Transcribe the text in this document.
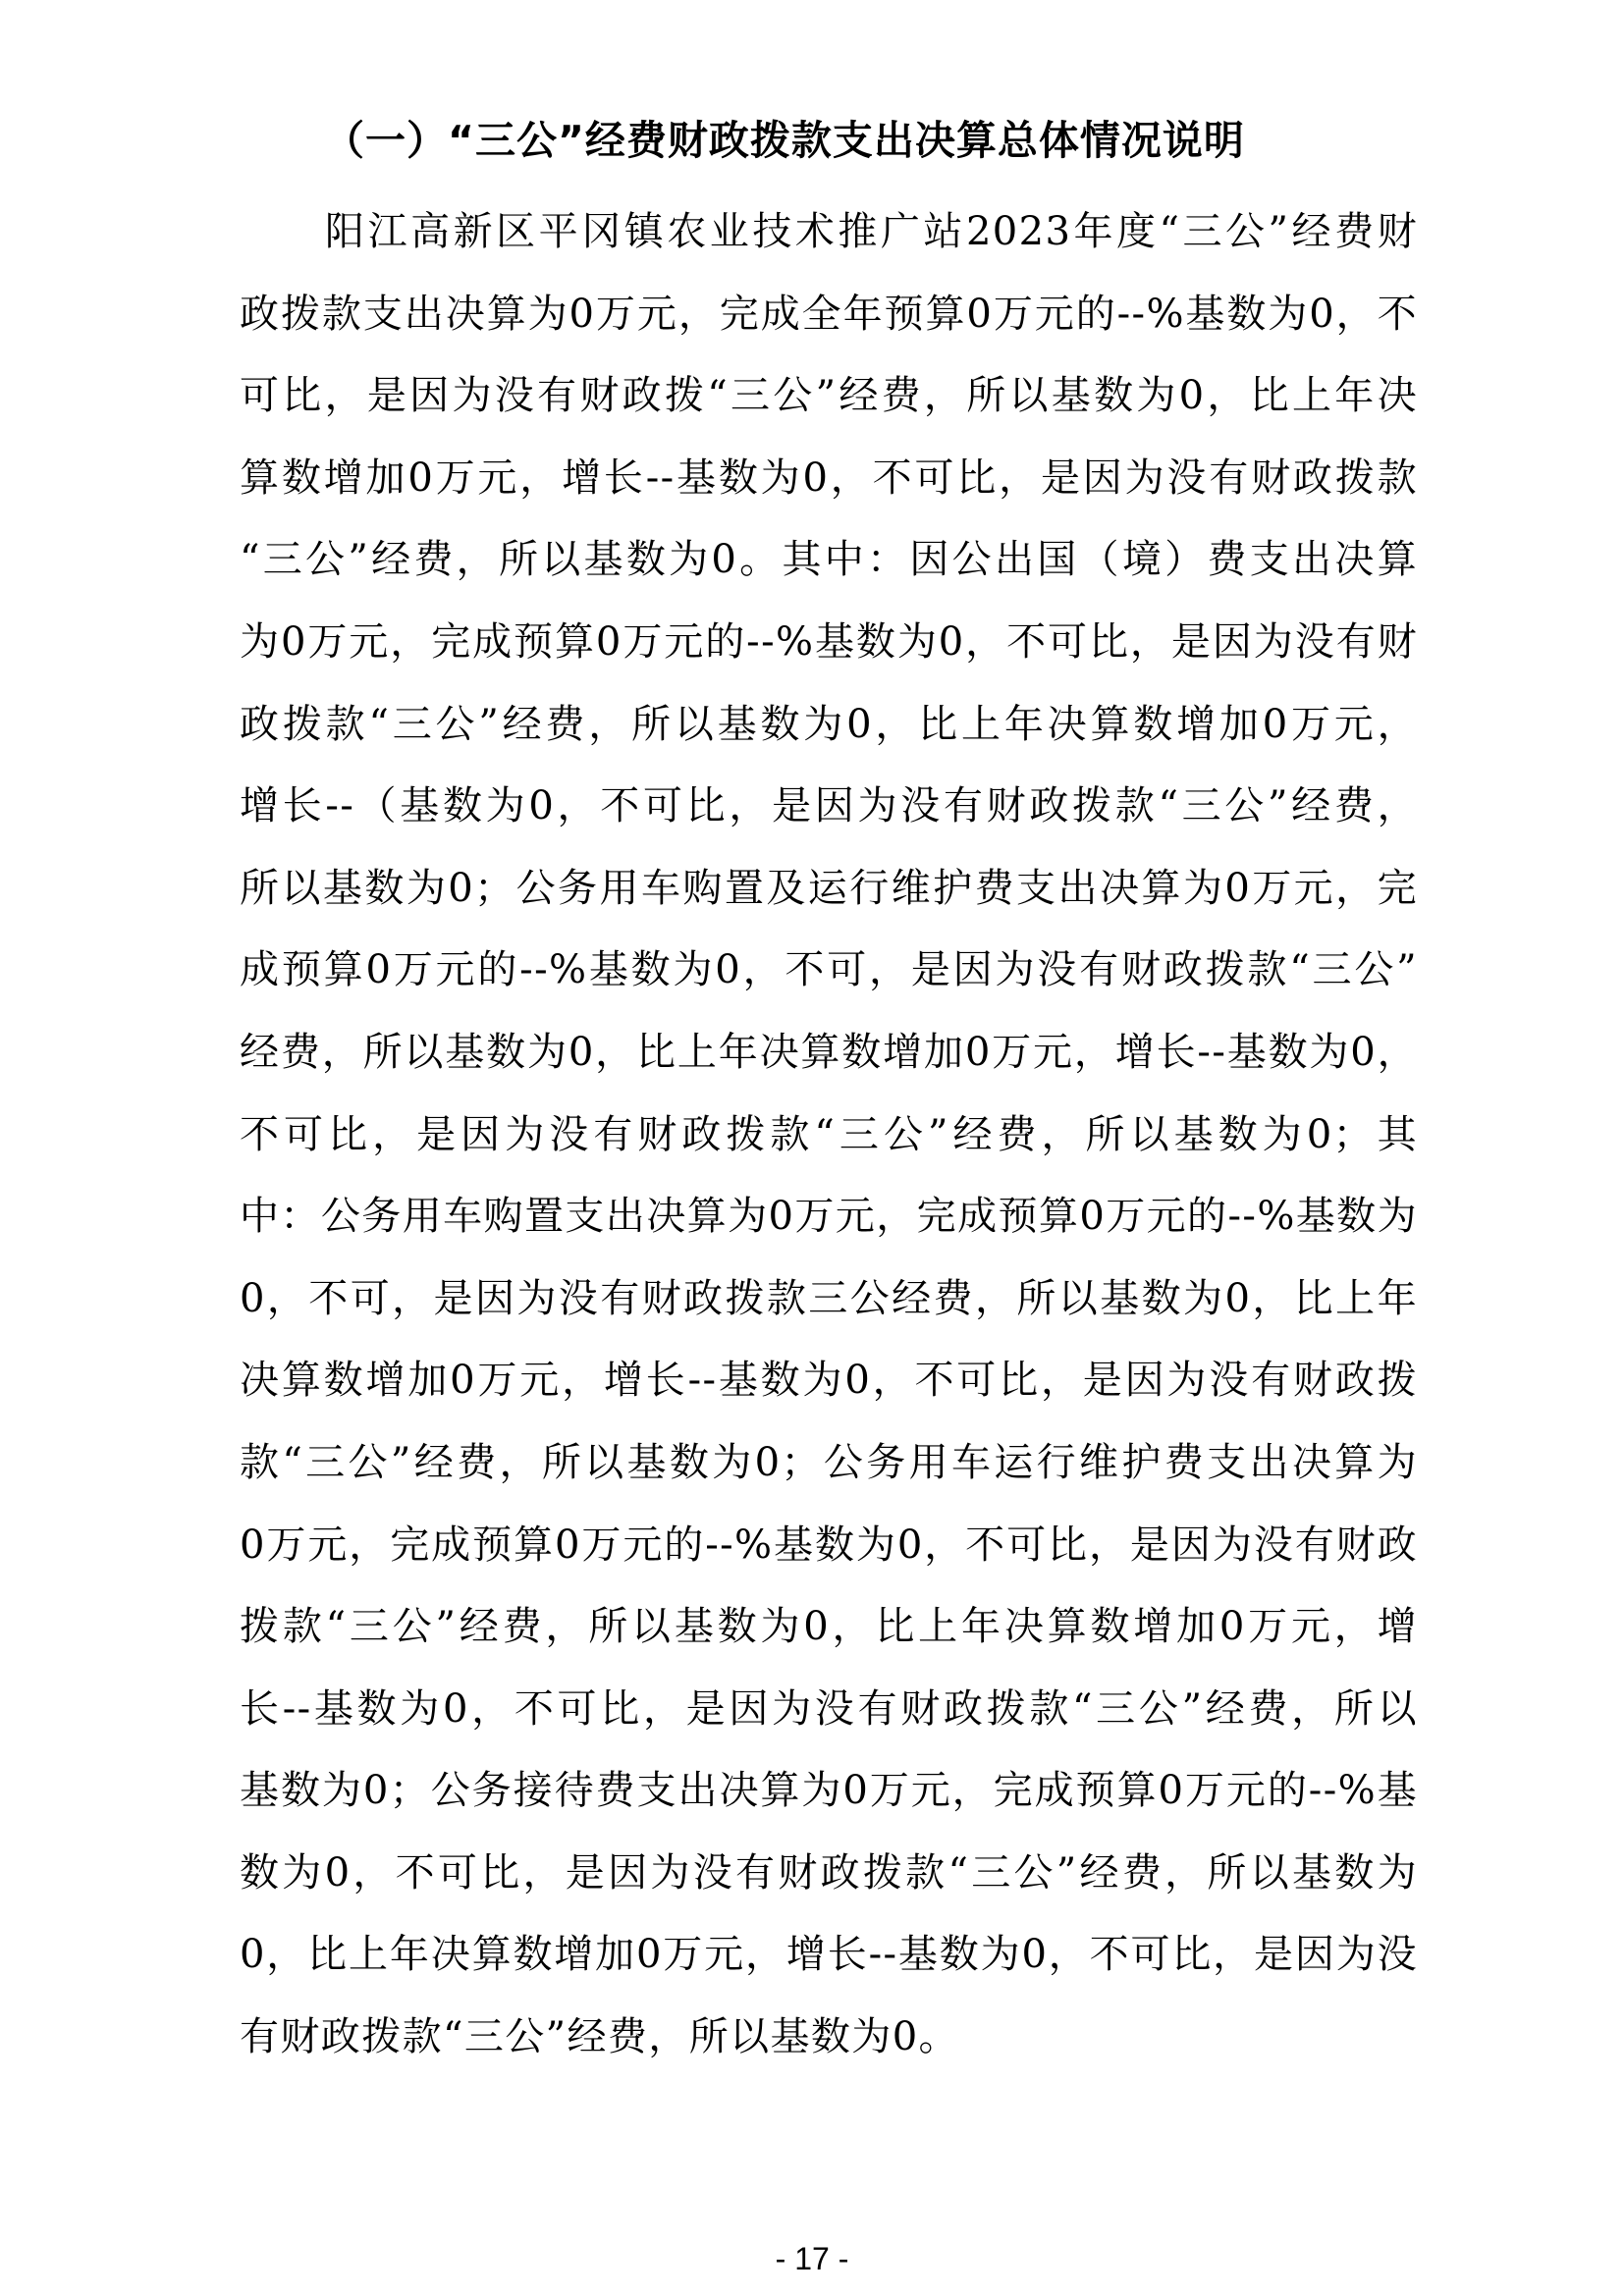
（一）“三公”经费财政拨款支出决算总体情况说明
　　阳江高新区平冈镇农业技术推广站2023年度“三公”经费财
政拨款支出决算为0万元，完成全年预算0万元的--%基数为0，不
可比，是因为没有财政拨“三公”经费，所以基数为0，比上年决
算数增加0万元，增长--基数为0，不可比，是因为没有财政拨款
“三公”经费，所以基数为0。其中：因公出国（境）费支出决算
为0万元，完成预算0万元的--%基数为0，不可比，是因为没有财
政拨款“三公”经费，所以基数为0，比上年决算数增加0万元，
增长--（基数为0，不可比，是因为没有财政拨款“三公”经费，
所以基数为0；公务用车购置及运行维护费支出决算为0万元，完
成预算0万元的--%基数为0，不可，是因为没有财政拨款“三公”
经费，所以基数为0，比上年决算数增加0万元，增长--基数为0，
不可比，是因为没有财政拨款“三公”经费，所以基数为0；其
中：公务用车购置支出决算为0万元，完成预算0万元的--%基数为
0，不可，是因为没有财政拨款三公经费，所以基数为0，比上年
决算数增加0万元，增长--基数为0，不可比，是因为没有财政拨
款“三公”经费，所以基数为0；公务用车运行维护费支出决算为
0万元，完成预算0万元的--%基数为0，不可比，是因为没有财政
拨款“三公”经费，所以基数为0，比上年决算数增加0万元，增
长--基数为0，不可比，是因为没有财政拨款“三公”经费，所以
基数为0；公务接待费支出决算为0万元，完成预算0万元的--%基
数为0，不可比，是因为没有财政拨款“三公”经费，所以基数为
0，比上年决算数增加0万元，增长--基数为0，不可比，是因为没
有财政拨款“三公”经费，所以基数为0。
- 17 -
